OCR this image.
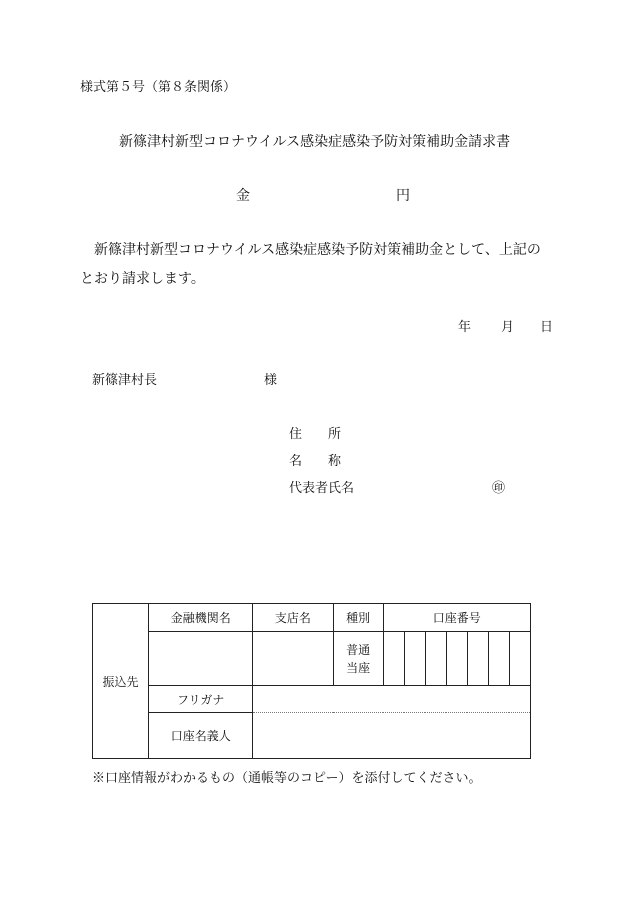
様式第５号（第８条関係）
新篠津村新型コロナウイルス感染症感染予防対策補助金請求書
金	円
新篠津村新型コロナウイルス感染症感染予防対策補助金として、上記のとおり請求します。
年 月 日
新篠津村長	様
住　　所
名　　称
代表者氏名	㊞
振込先	金融機関名	支店名	種別	口座番号						

			普通
当座							

	フリガナ									
	口座名義人									
※口座情報がわかるもの（通帳等のコピー）を添付してください。
